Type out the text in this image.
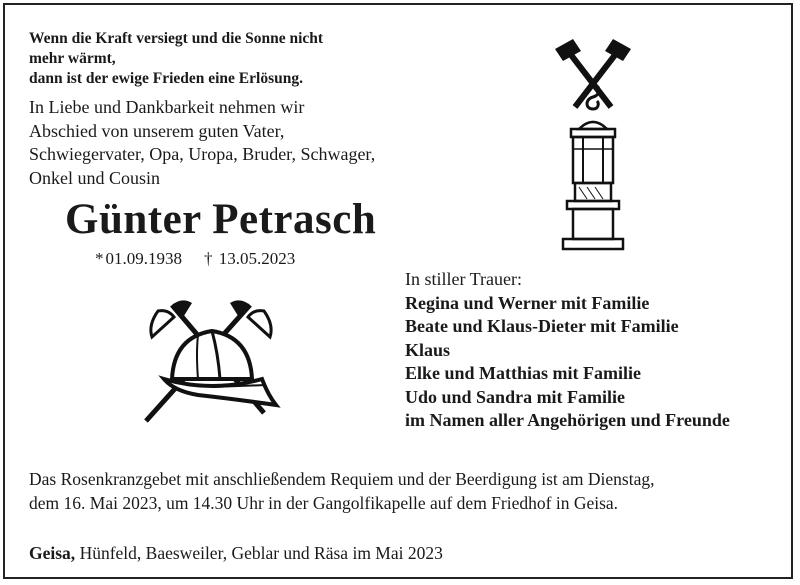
Wenn die Kraft versiegt und die Sonne nicht
mehr wärmt,
dann ist der ewige Frieden eine Erlösung.
In Liebe und Dankbarkeit nehmen wir
Abschied von unserem guten Vater,
Schwiegervater, Opa, Uropa, Bruder, Schwager,
Onkel und Cousin
Günter Petrasch
* 01.09.1938 † 13.05.2023
In stiller Trauer:
Regina und Werner mit Familie
Beate und Klaus-Dieter mit Familie
Klaus
Elke und Matthias mit Familie
Udo und Sandra mit Familie
im Namen aller Angehörigen und Freunde
Das Rosenkranzgebet mit anschließendem Requiem und der Beerdigung ist am Dienstag,
dem 16. Mai 2023, um 14.30 Uhr in der Gangolfikapelle auf dem Friedhof in Geisa.
Geisa, Hünfeld, Baesweiler, Geblar und Räsa im Mai 2023
